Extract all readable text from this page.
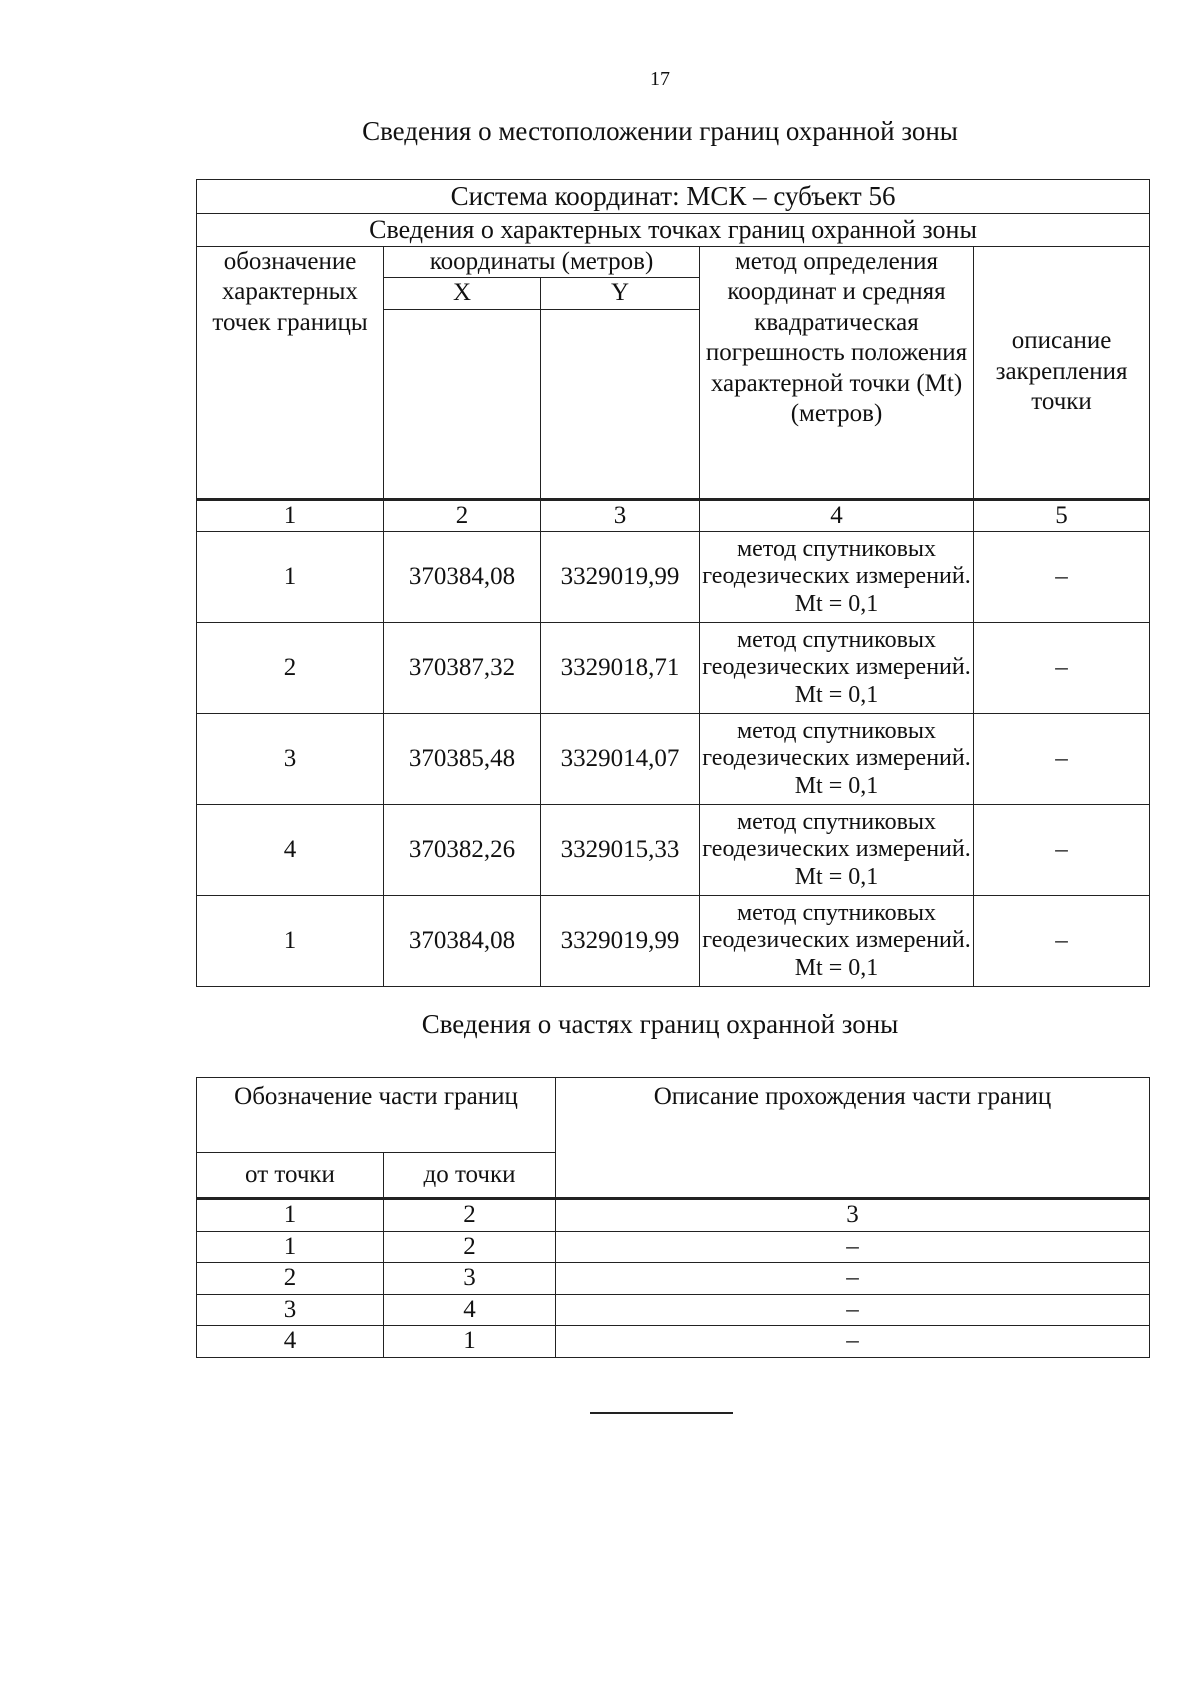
17
Сведения о местоположении границ охранной зоны
Система координат: МСК – субъект 56				
Сведения о характерных точках границ охранной зоны				
обозначение характерных точек границы	координаты (метров)		метод определения координат и средняя квадратическая погрешность положения характерной точки (Mt) (метров)	описание закрепления точки
	X	Y		

1	2	3	4	5
1	370384,08	3329019,99	метод спутниковых геодезических измерений. Mt = 0,1	–
2	370387,32	3329018,71	метод спутниковых геодезических измерений. Mt = 0,1	–
3	370385,48	3329014,07	метод спутниковых геодезических измерений. Mt = 0,1	–
4	370382,26	3329015,33	метод спутниковых геодезических измерений. Mt = 0,1	–
1	370384,08	3329019,99	метод спутниковых геодезических измерений. Mt = 0,1	–
Сведения о частях границ охранной зоны
Обозначение части границ		Описание прохождения части границ
от точки	до точки	
1	2	3
1	2	–
2	3	–
3	4	–
4	1	–
